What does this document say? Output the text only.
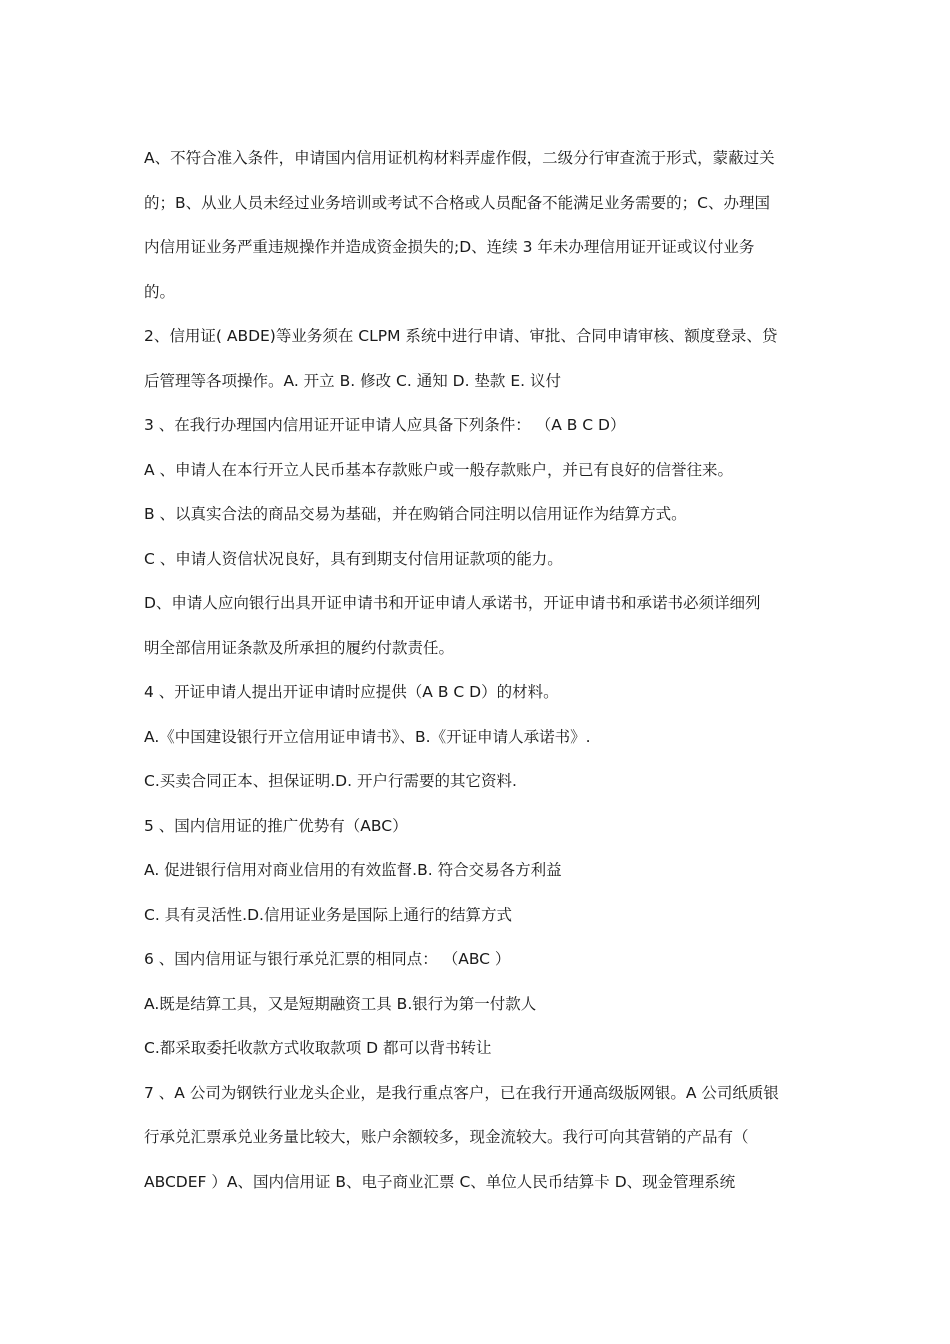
A、不符合准入条件，申请国内信用证机构材料弄虚作假，二级分行审查流于形式，蒙蔽过关
的；B、从业人员未经过业务培训或考试不合格或人员配备不能满足业务需要的；C、办理国
内信用证业务严重违规操作并造成资金损失的;D、连续 3 年未办理信用证开证或议付业务
的。
2、信用证( ABDE)等业务须在 CLPM 系统中进行申请、审批、合同申请审核、额度登录、贷
后管理等各项操作。A. 开立 B. 修改 C. 通知 D. 垫款 E. 议付
3 、在我行办理国内信用证开证申请人应具备下列条件： （A B C D）
A 、申请人在本行开立人民币基本存款账户或一般存款账户，并已有良好的信誉往来。
B 、以真实合法的商品交易为基础，并在购销合同注明以信用证作为结算方式。
C 、申请人资信状况良好，具有到期支付信用证款项的能力。
D、申请人应向银行出具开证申请书和开证申请人承诺书，开证申请书和承诺书必须详细列
明全部信用证条款及所承担的履约付款责任。
4 、开证申请人提出开证申请时应提供（A B C D）的材料。
A.《中国建设银行开立信用证申请书》、B.《开证申请人承诺书》.
C.买卖合同正本、担保证明.D. 开户行需要的其它资料.
5 、国内信用证的推广优势有（ABC）
A. 促进银行信用对商业信用的有效监督.B. 符合交易各方利益
C. 具有灵活性.D.信用证业务是国际上通行的结算方式
6 、国内信用证与银行承兑汇票的相同点： （ABC ）
A.既是结算工具，又是短期融资工具 B.银行为第一付款人
C.都采取委托收款方式收取款项 D 都可以背书转让
7 、A 公司为钢铁行业龙头企业，是我行重点客户，已在我行开通高级版网银。A 公司纸质银
行承兑汇票承兑业务量比较大，账户余额较多，现金流较大。我行可向其营销的产品有（
ABCDEF ）A、国内信用证 B、电子商业汇票 C、单位人民币结算卡 D、现金管理系统
